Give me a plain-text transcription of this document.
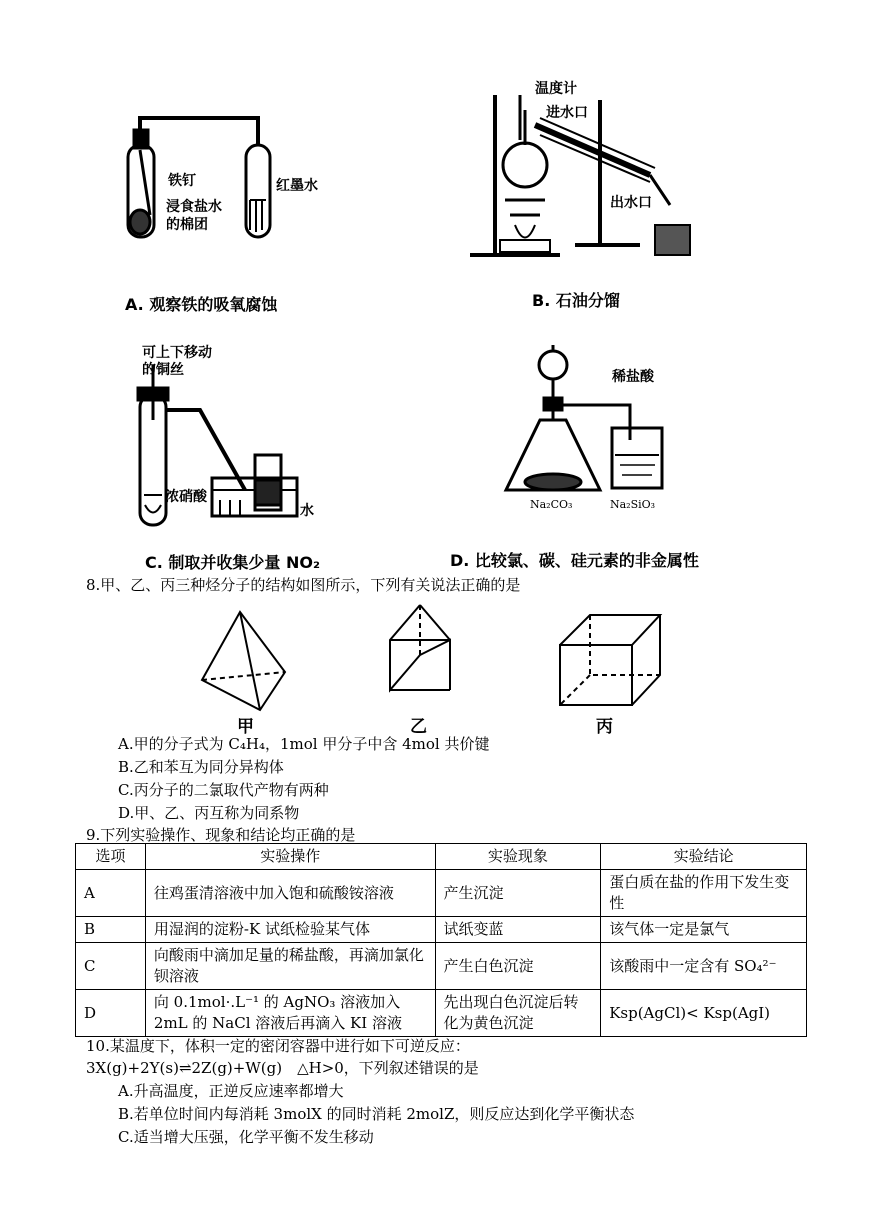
铁钉
浸食盐水
的棉团
红墨水
A. 观察铁的吸氧腐蚀
温度计
进水口
出水口
B. 石油分馏
可上下移动
的铜丝
浓硝酸
水
C. 制取并收集少量 NO₂
稀盐酸
Na₂CO₃	Na₂SiO₃
D. 比较氯、碳、硅元素的非金属性
8.甲、乙、丙三种烃分子的结构如图所示，下列有关说法正确的是
甲	乙	丙
A.甲的分子式为 C₄H₄，1mol 甲分子中含 4mol 共价键
B.乙和苯互为同分异构体
C.丙分子的二氯取代产物有两种
D.甲、乙、丙互称为同系物
9.下列实验操作、现象和结论均正确的是
选项	实验操作	实验现象	实验结论
A	往鸡蛋清溶液中加入饱和硫酸铵溶液	产生沉淀	蛋白质在盐的作用下发生变性
B	用湿润的淀粉-K 试纸检验某气体	试纸变蓝	该气体一定是氯气
C	向酸雨中滴加足量的稀盐酸，再滴加氯化钡溶液	产生白色沉淀	该酸雨中一定含有 SO₄²⁻
D	向 0.1mol·.L⁻¹ 的 AgNO₃ 溶液加入 2mL 的 NaCl 溶液后再滴入 KI 溶液	先出现白色沉淀后转化为黄色沉淀	Ksp(AgCl)< Ksp(AgI)
10.某温度下，体积一定的密闭容器中进行如下可逆反应：
3X(g)+2Y(s)⇌2Z(g)+W(g)　△H>0，下列叙述错误的是
A.升高温度，正逆反应速率都增大
B.若单位时间内每消耗 3molX 的同时消耗 2molZ，则反应达到化学平衡状态
C.适当增大压强，化学平衡不发生移动
